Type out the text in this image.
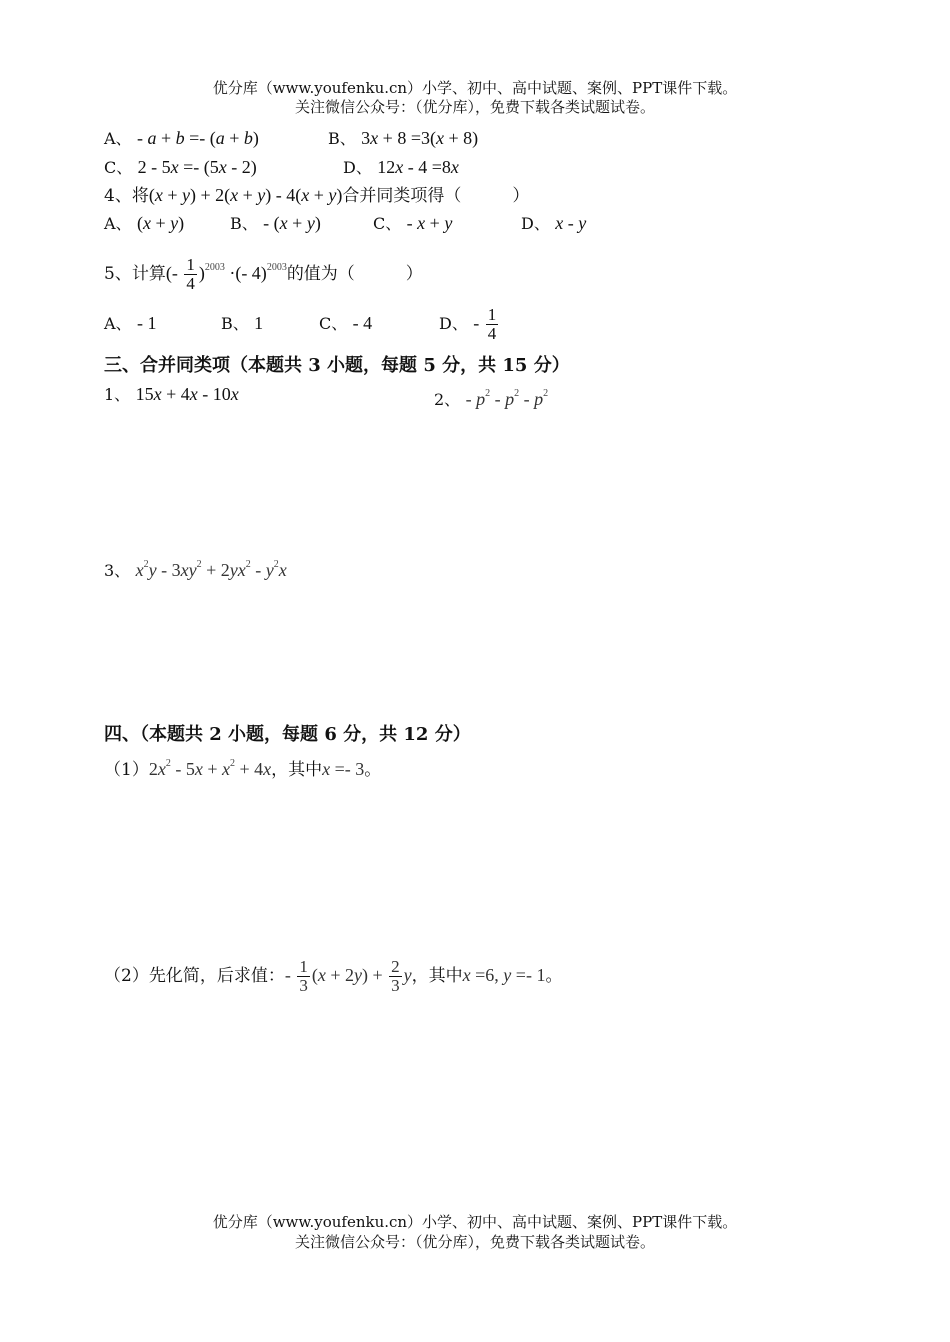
优分库（www.youfenku.cn）小学、初中、高中试题、案例、PPT课件下载。
关注微信公众号：（优分库），免费下载各类试题试卷。
A、 - a + b =- (a + b)	B、 3x + 8 =3(x + 8)
C、 2 - 5x =- (5x - 2)	D、 12x - 4 =8x
4、将(x + y) + 2(x + y) - 4(x + y)合并同类项得（　　　）
A、 (x + y)	B、 - (x + y)	C、 - x + y	D、 x - y
5、计算(- $\frac{1}{4} )^{2003}$ ·(- 4)$^{2003}$的值为（　　　）
A、 - 1	B、 1	C、 - 4	D、 - $\frac{1}{4}$
三、合并同类项（本题共 3 小题，每题 5 分，共 15 分）
1、 15x + 4x - 10x	2、 - $p^2 - p^2 - p^2$
3、 $x^2y - 3xy^2 + 2yx^2 - y^2x$
四、（本题共 2 小题，每题 6 分，共 12 分）
$(1)2x^2 - 5x + x^2 + 4x$，其中x =- 3。
（2）先化简，后求值：- $\frac{1}{3} (x + 2y) + \frac{2}{3}$ y，其中x =6, y =- 1。
优分库（www.youfenku.cn）小学、初中、高中试题、案例、PPT课件下载。
关注微信公众号：（优分库），免费下载各类试题试卷。
